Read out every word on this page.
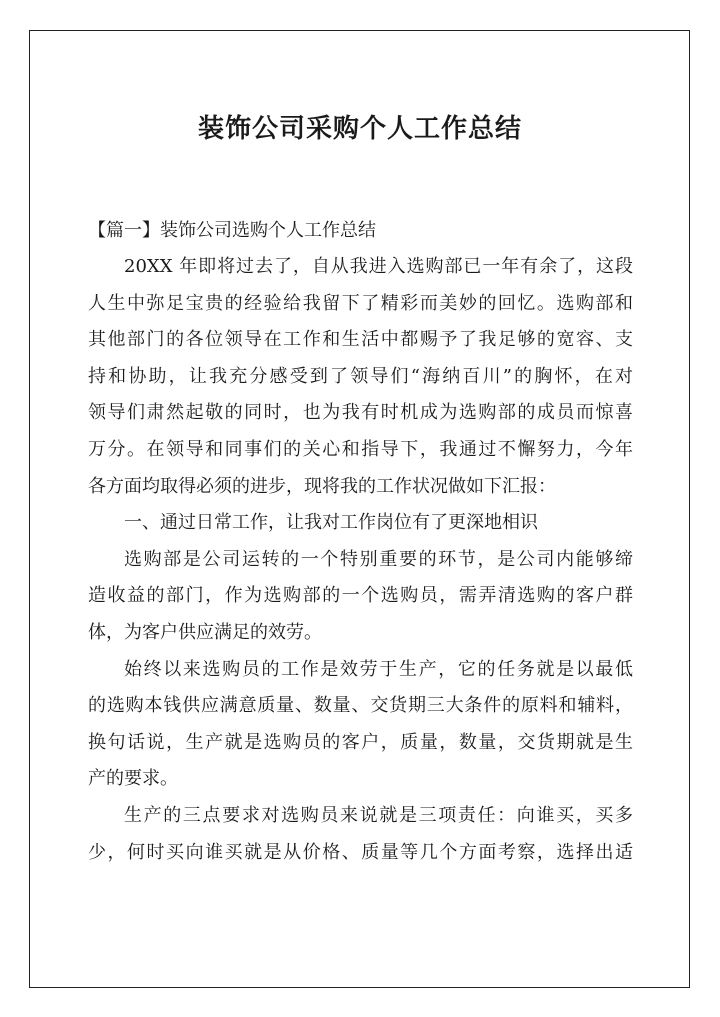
装饰公司采购个人工作总结
【篇一】装饰公司选购个人工作总结
20XX 年即将过去了，自从我进入选购部已一年有余了，这段
人生中弥足宝贵的经验给我留下了精彩而美妙的回忆。选购部和
其他部门的各位领导在工作和生活中都赐予了我足够的宽容、支
持和协助，让我充分感受到了领导们“海纳百川”的胸怀，在对
领导们肃然起敬的同时，也为我有时机成为选购部的成员而惊喜
万分。在领导和同事们的关心和指导下，我通过不懈努力，今年
各方面均取得必须的进步，现将我的工作状况做如下汇报：
一、通过日常工作，让我对工作岗位有了更深地相识
选购部是公司运转的一个特别重要的环节，是公司内能够缔
造收益的部门，作为选购部的一个选购员，需弄清选购的客户群
体，为客户供应满足的效劳。
始终以来选购员的工作是效劳于生产，它的任务就是以最低
的选购本钱供应满意质量、数量、交货期三大条件的原料和辅料，
换句话说，生产就是选购员的客户，质量，数量，交货期就是生
产的要求。
生产的三点要求对选购员来说就是三项责任：向谁买，买多
少，何时买向谁买就是从价格、质量等几个方面考察，选择出适
